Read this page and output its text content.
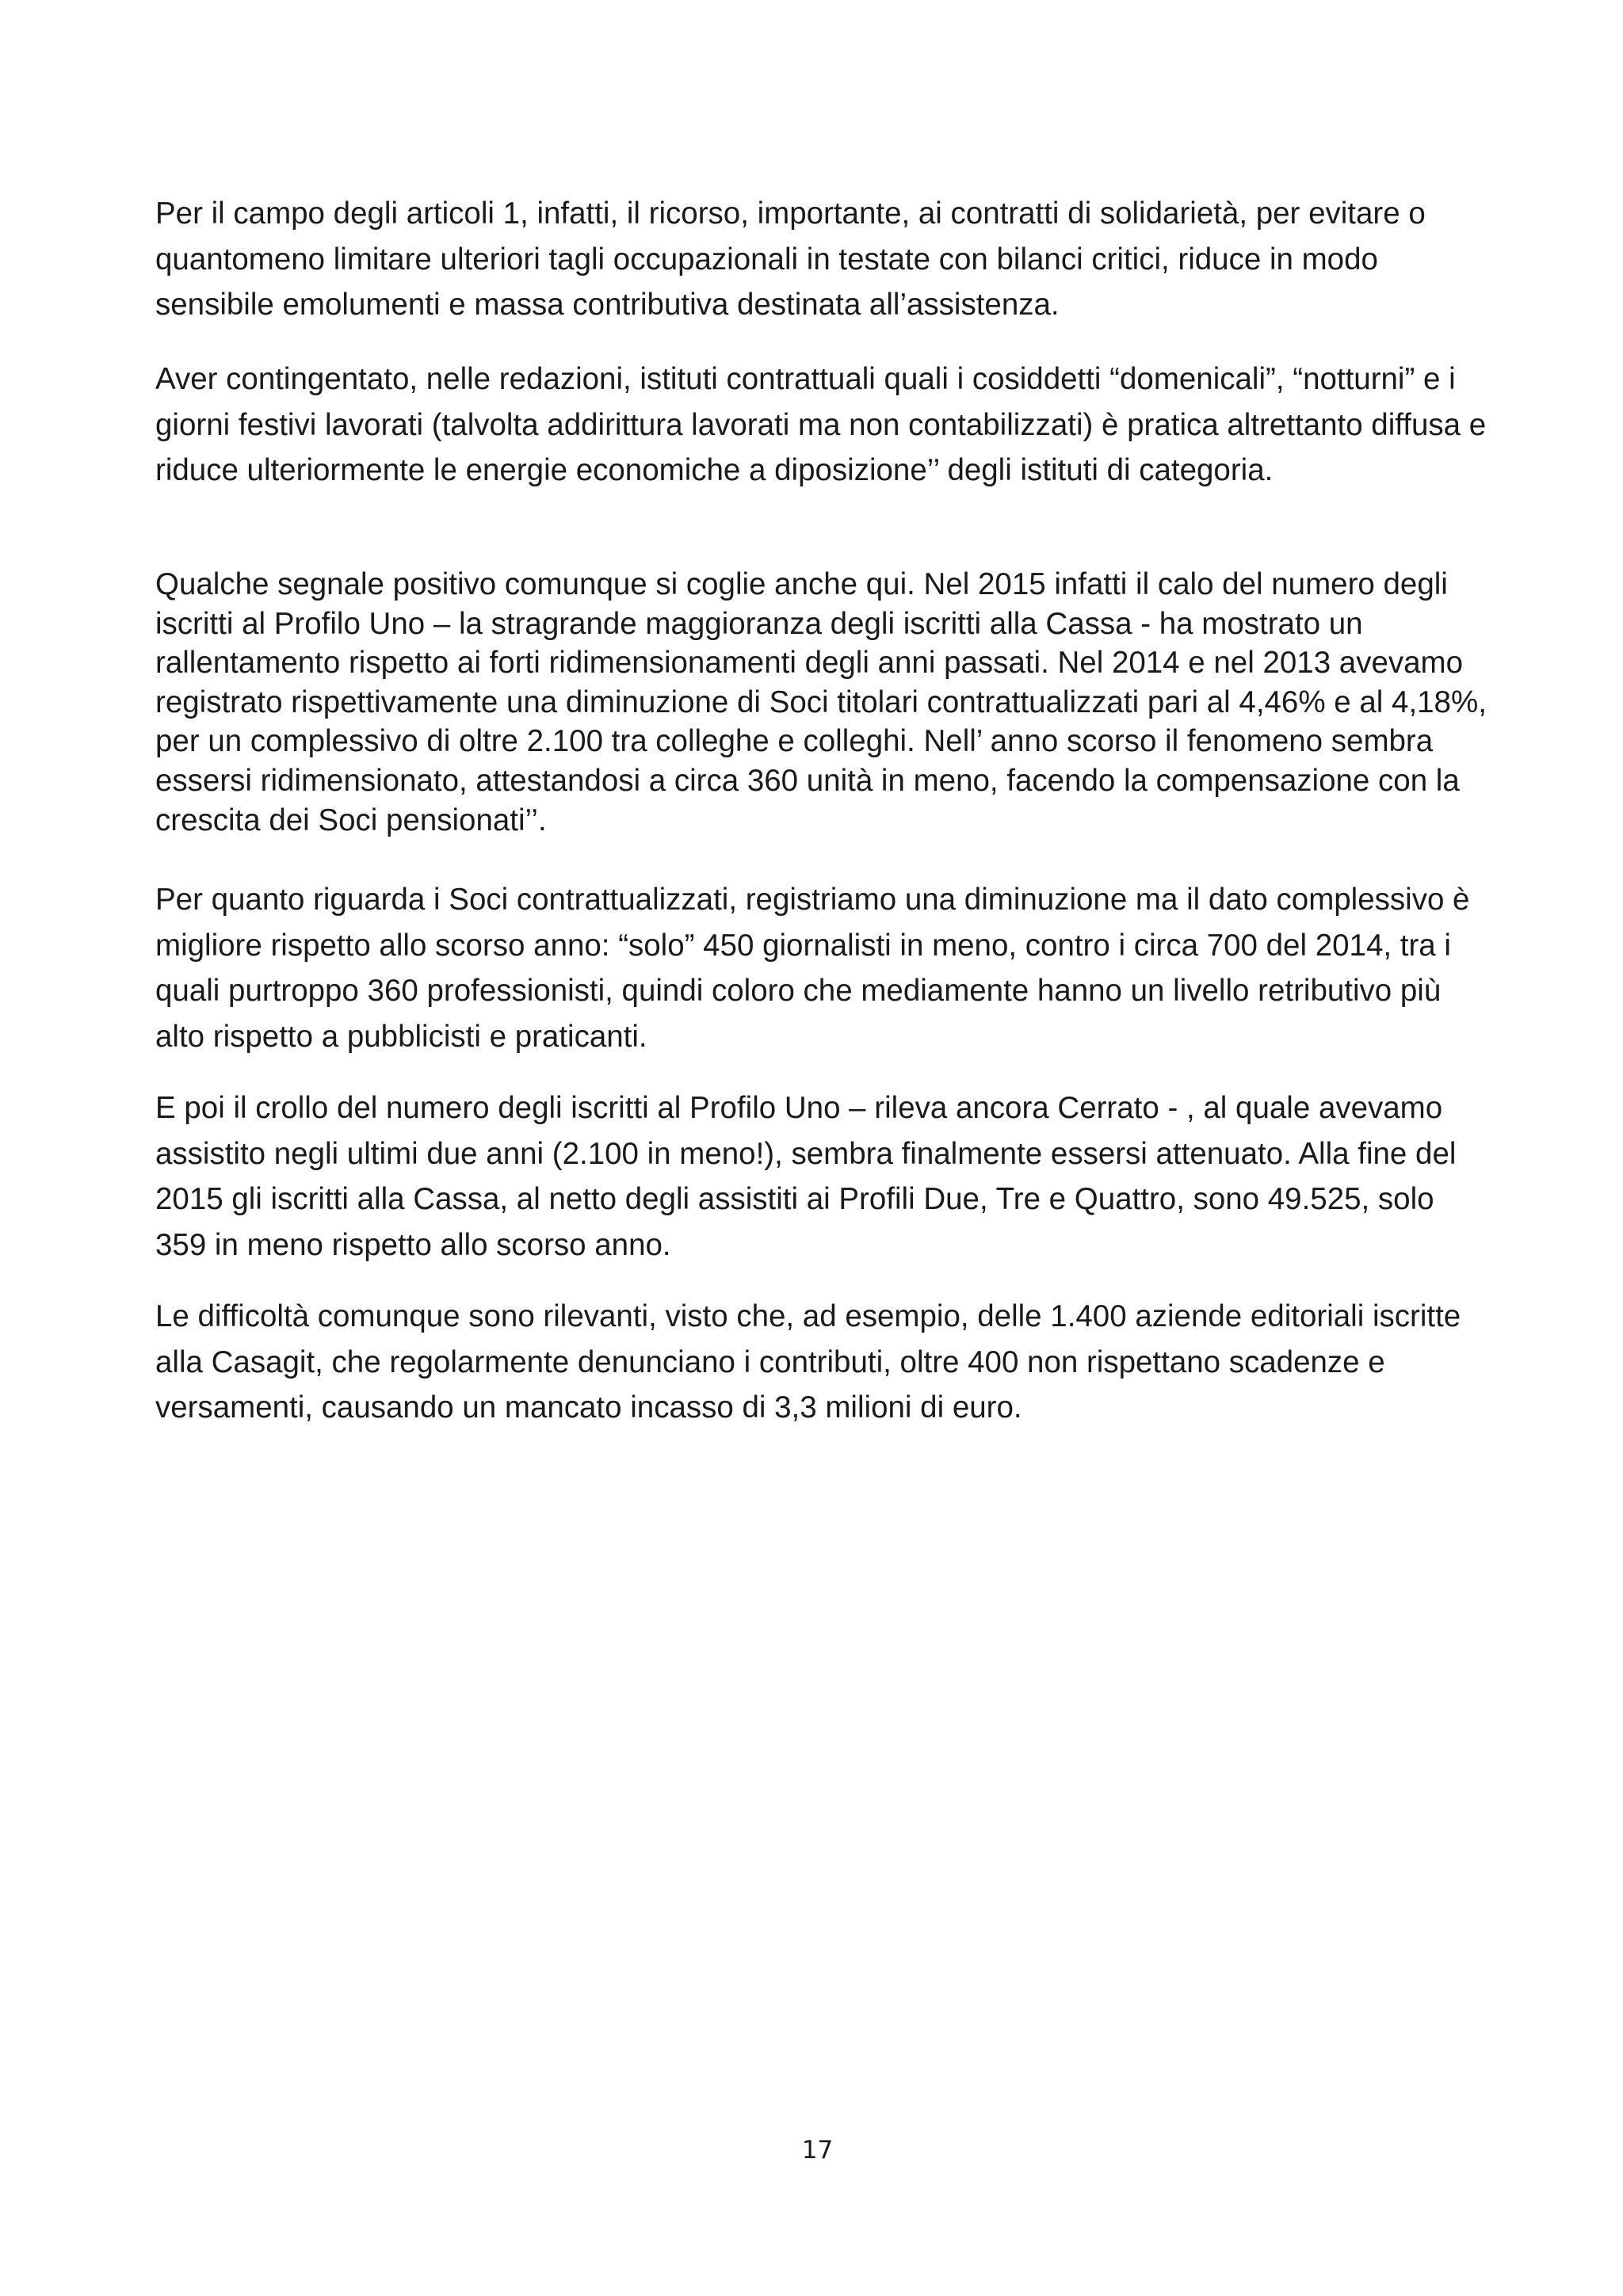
Per il campo degli articoli 1, infatti, il ricorso, importante, ai contratti di solidarietà, per evitare o quantomeno limitare ulteriori tagli occupazionali in testate con bilanci critici, riduce in modo sensibile emolumenti e massa contributiva destinata all’assistenza.

Aver contingentato, nelle redazioni, istituti contrattuali quali i cosiddetti “domenicali”, “notturni” e i giorni festivi lavorati (talvolta addirittura lavorati ma non contabilizzati) è pratica altrettanto diffusa e riduce ulteriormente le energie economiche a diposizione’’ degli istituti di categoria.

Qualche segnale positivo comunque si coglie anche qui. Nel 2015 infatti il calo del numero degli iscritti al Profilo Uno – la stragrande maggioranza degli iscritti alla Cassa - ha mostrato un rallentamento rispetto ai forti ridimensionamenti degli anni passati. Nel 2014 e nel 2013 avevamo registrato rispettivamente una diminuzione di Soci titolari contrattualizzati pari al 4,46% e al 4,18%, per un complessivo di oltre 2.100 tra colleghe e colleghi. Nell’ anno scorso il fenomeno sembra essersi ridimensionato, attestandosi a circa 360 unità in meno, facendo la compensazione con la crescita dei Soci pensionati’’.

Per quanto riguarda i Soci contrattualizzati, registriamo una diminuzione ma il dato complessivo è migliore rispetto allo scorso anno: “solo” 450 giornalisti in meno, contro i circa 700 del 2014, tra i quali purtroppo 360 professionisti, quindi coloro che mediamente hanno un livello retributivo più alto rispetto a pubblicisti e praticanti.

E poi il crollo del numero degli iscritti al Profilo Uno – rileva ancora Cerrato - , al quale avevamo assistito negli ultimi due anni (2.100 in meno!), sembra finalmente essersi attenuato. Alla fine del 2015 gli iscritti alla Cassa, al netto degli assistiti ai Profili Due, Tre e Quattro, sono 49.525, solo 359 in meno rispetto allo scorso anno.

Le difficoltà comunque sono rilevanti, visto che, ad esempio, delle 1.400 aziende editoriali iscritte alla Casagit, che regolarmente denunciano i contributi, oltre 400 non rispettano scadenze e versamenti, causando un mancato incasso di 3,3 milioni di euro.

17
